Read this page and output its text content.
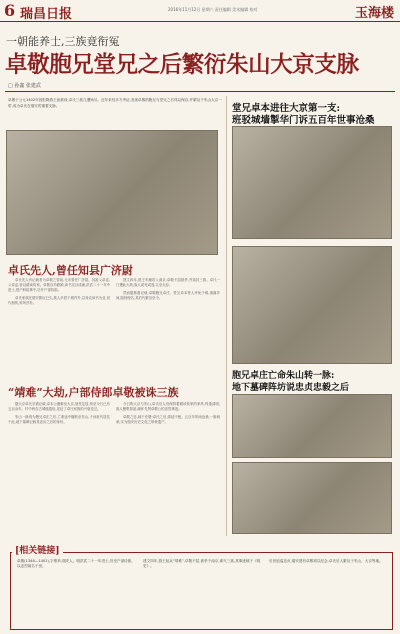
6 瑞昌日报	2016年11月12日 星期六 责任编辑 美术编辑 校对	玉海楼
一朝能养士,三族竟衔冤
卓敬胞兄堂兄之后繁衍朱山大京支脉
□ 孙鑫 张建武
卓敬于公元1402年因拒降燕王而被诛,卓氏三族几遭殆尽。近年来经多方考证,发现卓敬的胞兄与堂兄之后得以保存,并繁衍于朱山大京一带,成为卓氏在瑞安的重要支脉。	堂兄卓本进往大京第一支:
班驳城墙掣华门诉五百年世事沧桑
胞兄卓庄亡命朱山转一脉:
地下墓碑阵坊说忠贞忠毅之后
卓氏先人,曾任知县广济尉

卓氏先人有记载者为卓敬之曾祖,元末曾任广济尉。其祖父卓宣,父卓孟,皆以耕读传家。卓敬自幼聪颖,读书过目成诵,洪武二十一年中进士,授户科给事中,后升户部侍郎。

卓氏家族在瑞安繁衍已久,族人多居于城内外,以务农读书为业,世代相传,家风淳朴。

建文四年,燕王朱棣攻入南京,卓敬不屈被杀,并夷其三族。卓氏一门遭此大劫,族人或死或逃,几至无存。

然而据族谱记载,卓敬胞兄卓庄、堂兄卓本等人幸免于难,流落乡间,隐姓埋名,其后代繁衍至今。

“靖难”大劫,户部侍郎卓敬被诛三族

据大京卓氏宗谱记载,卓本公避难至大京,垦荒定居,传至今日已有五百余年。村中尚存古城墙遗址,见证了卓氏家族的兴衰变迁。

朱山一脉则为胞兄卓庄之后,亡命途中辗转至朱山,子孙世代居住于此,地下墓碑记载其忠贞之后的身份。

今日的大京与朱山,卓氏后人仍保持着耕读传家的家风,每逢清明,族人聚集祭祖,缅怀先贤卓敬公的忠烈事迹。

卓敬之忠,载于史册;卓氏之后,绵延不绝。五百年风雨沧桑,一脉相承,实为瑞安历史文化之珍贵遗产。

卓敬(1348—1402),字惟恭,瑞安人。明洪武二十一年进士,官至户部侍郎,以忠烈闻名于世。
建文四年,燕王起兵“靖难”,卓敬不屈,被杀于南京,诛灭三族,其事迹载于《明史》。
后世追谥忠贞,瑞安建有卓敬祠以纪念,卓氏后人繁衍于朱山、大京等地。
[相关链接]
